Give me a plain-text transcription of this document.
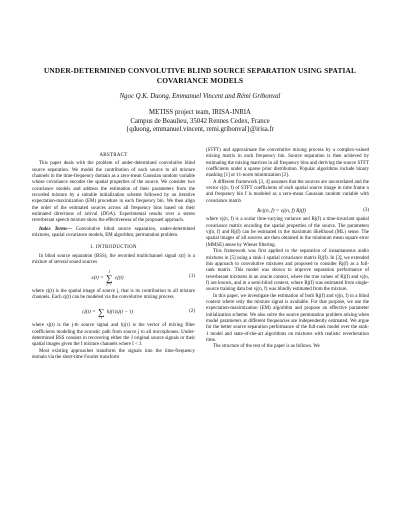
UNDER-DETERMINED CONVOLUTIVE BLIND SOURCE SEPARATION USING SPATIAL COVARIANCE MODELS
Ngoc Q.K. Duong, Emmanuel Vincent and Rémi Gribonval
METISS project team, IRISA-INRIA
Campus de Beaulieu, 35042 Rennes Cedex, France
{qduong, emmanuel.vincent, remi.gribonval}@irisa.fr
ABSTRACT

This paper deals with the problem of under-determined convolutive blind source separation. We model the contribution of each source to all mixture channels in the time-frequency domain as a zero-mean Gaussian random variable whose covariance encodes the spatial properties of the source. We consider two covariance models and address the estimation of their parameters from the recorded mixture by a suitable initialization scheme followed by an iterative expectation-maximization (EM) procedure in each frequency bin. We then align the order of the estimated sources across all frequency bins based on their estimated directions of arrival (DOA). Experimental results over a stereo reverberant speech mixture show the effectiveness of the proposed approach.

Index Terms— Convolutive blind source separation, under-determined mixtures, spatial covariance models, EM algorithm, permutation problem.

1. INTRODUCTION

In blind source separation (BSS), the recorded multichannel signal x(t) is a mixture of several sound sources

x(t) =
J
∑
j=1
cj(t)	(1)

where cj(t) is the spatial image of source j, that is its contribution to all mixture channels. Each cj(t) can be modeled via the convolutive mixing process

cj(t) =
∑
τ
hj(τ)sj(t − τ)	(2)

where sj(t) is the j-th source signal and hj(τ) is the vector of mixing filter coefficients modeling the acoustic path from source j to all microphones. Under-determined BSS consists in recovering either the J original source signals or their spatial images given the I mixture channels where I < J.

Most existing approaches transform the signals into the time-frequency domain via the short-time Fourier transform

(STFT) and approximate the convolutive mixing process by a complex-valued mixing matrix in each frequency bin. Source separation is then achieved by estimating the mixing matrices in all frequency bins and deriving the source STFT coefficients under a sparse prior distribution. Popular algorithms include binary masking [1] or ℓ1-norm minimization [2].

A different framework [3, 4] assumes that the sources are uncorrelated and the vector cj(n, f) of STFT coefficients of each spatial source image in time frame n and frequency bin f is modeled as a zero-mean Gaussian random variable with covariance matrix

Rcj(n, f) = vj(n, f) Rj(f)	(3)

where vj(n, f) is a scalar time-varying variance and Rj(f) a time-invariant spatial covariance matrix encoding the spatial properties of the source. The parameters vj(n, f) and Rj(f) can be estimated in the maximum likelihood (ML) sense. The spatial images of all sources are then obtained in the minimum mean square error (MMSE) sense by Wiener filtering.

This framework was first applied to the separation of instantaneous audio mixtures in [5] using a rank-1 spatial covariance matrix Rj(f). In [3], we extended this approach to convolutive mixtures and proposed to consider Rj(f) as a full-rank matrix. This model was shown to improve separation performance of reverberant mixtures in an oracle context, where the true values of Rj(f) and vj(n, f) are known, and in a semi-blind context, where Rj(f) was estimated from single-source training data but vj(n, f) was blindly estimated from the mixture.

In this paper, we investigate the estimation of both Rj(f) and vj(n, f) in a blind context where only the mixture signal is available. For that purpose, we use the expectation-maximization (EM) algorithm and propose an effective parameter initialization scheme. We also solve the source permutation problem arising when model parameters at different frequencies are independently estimated. We argue for the better source separation performance of the full-rank model over the rank-1 model and state-of-the-art algorithms on mixtures with realistic reverberation time.

The structure of the rest of the paper is as follows. We
